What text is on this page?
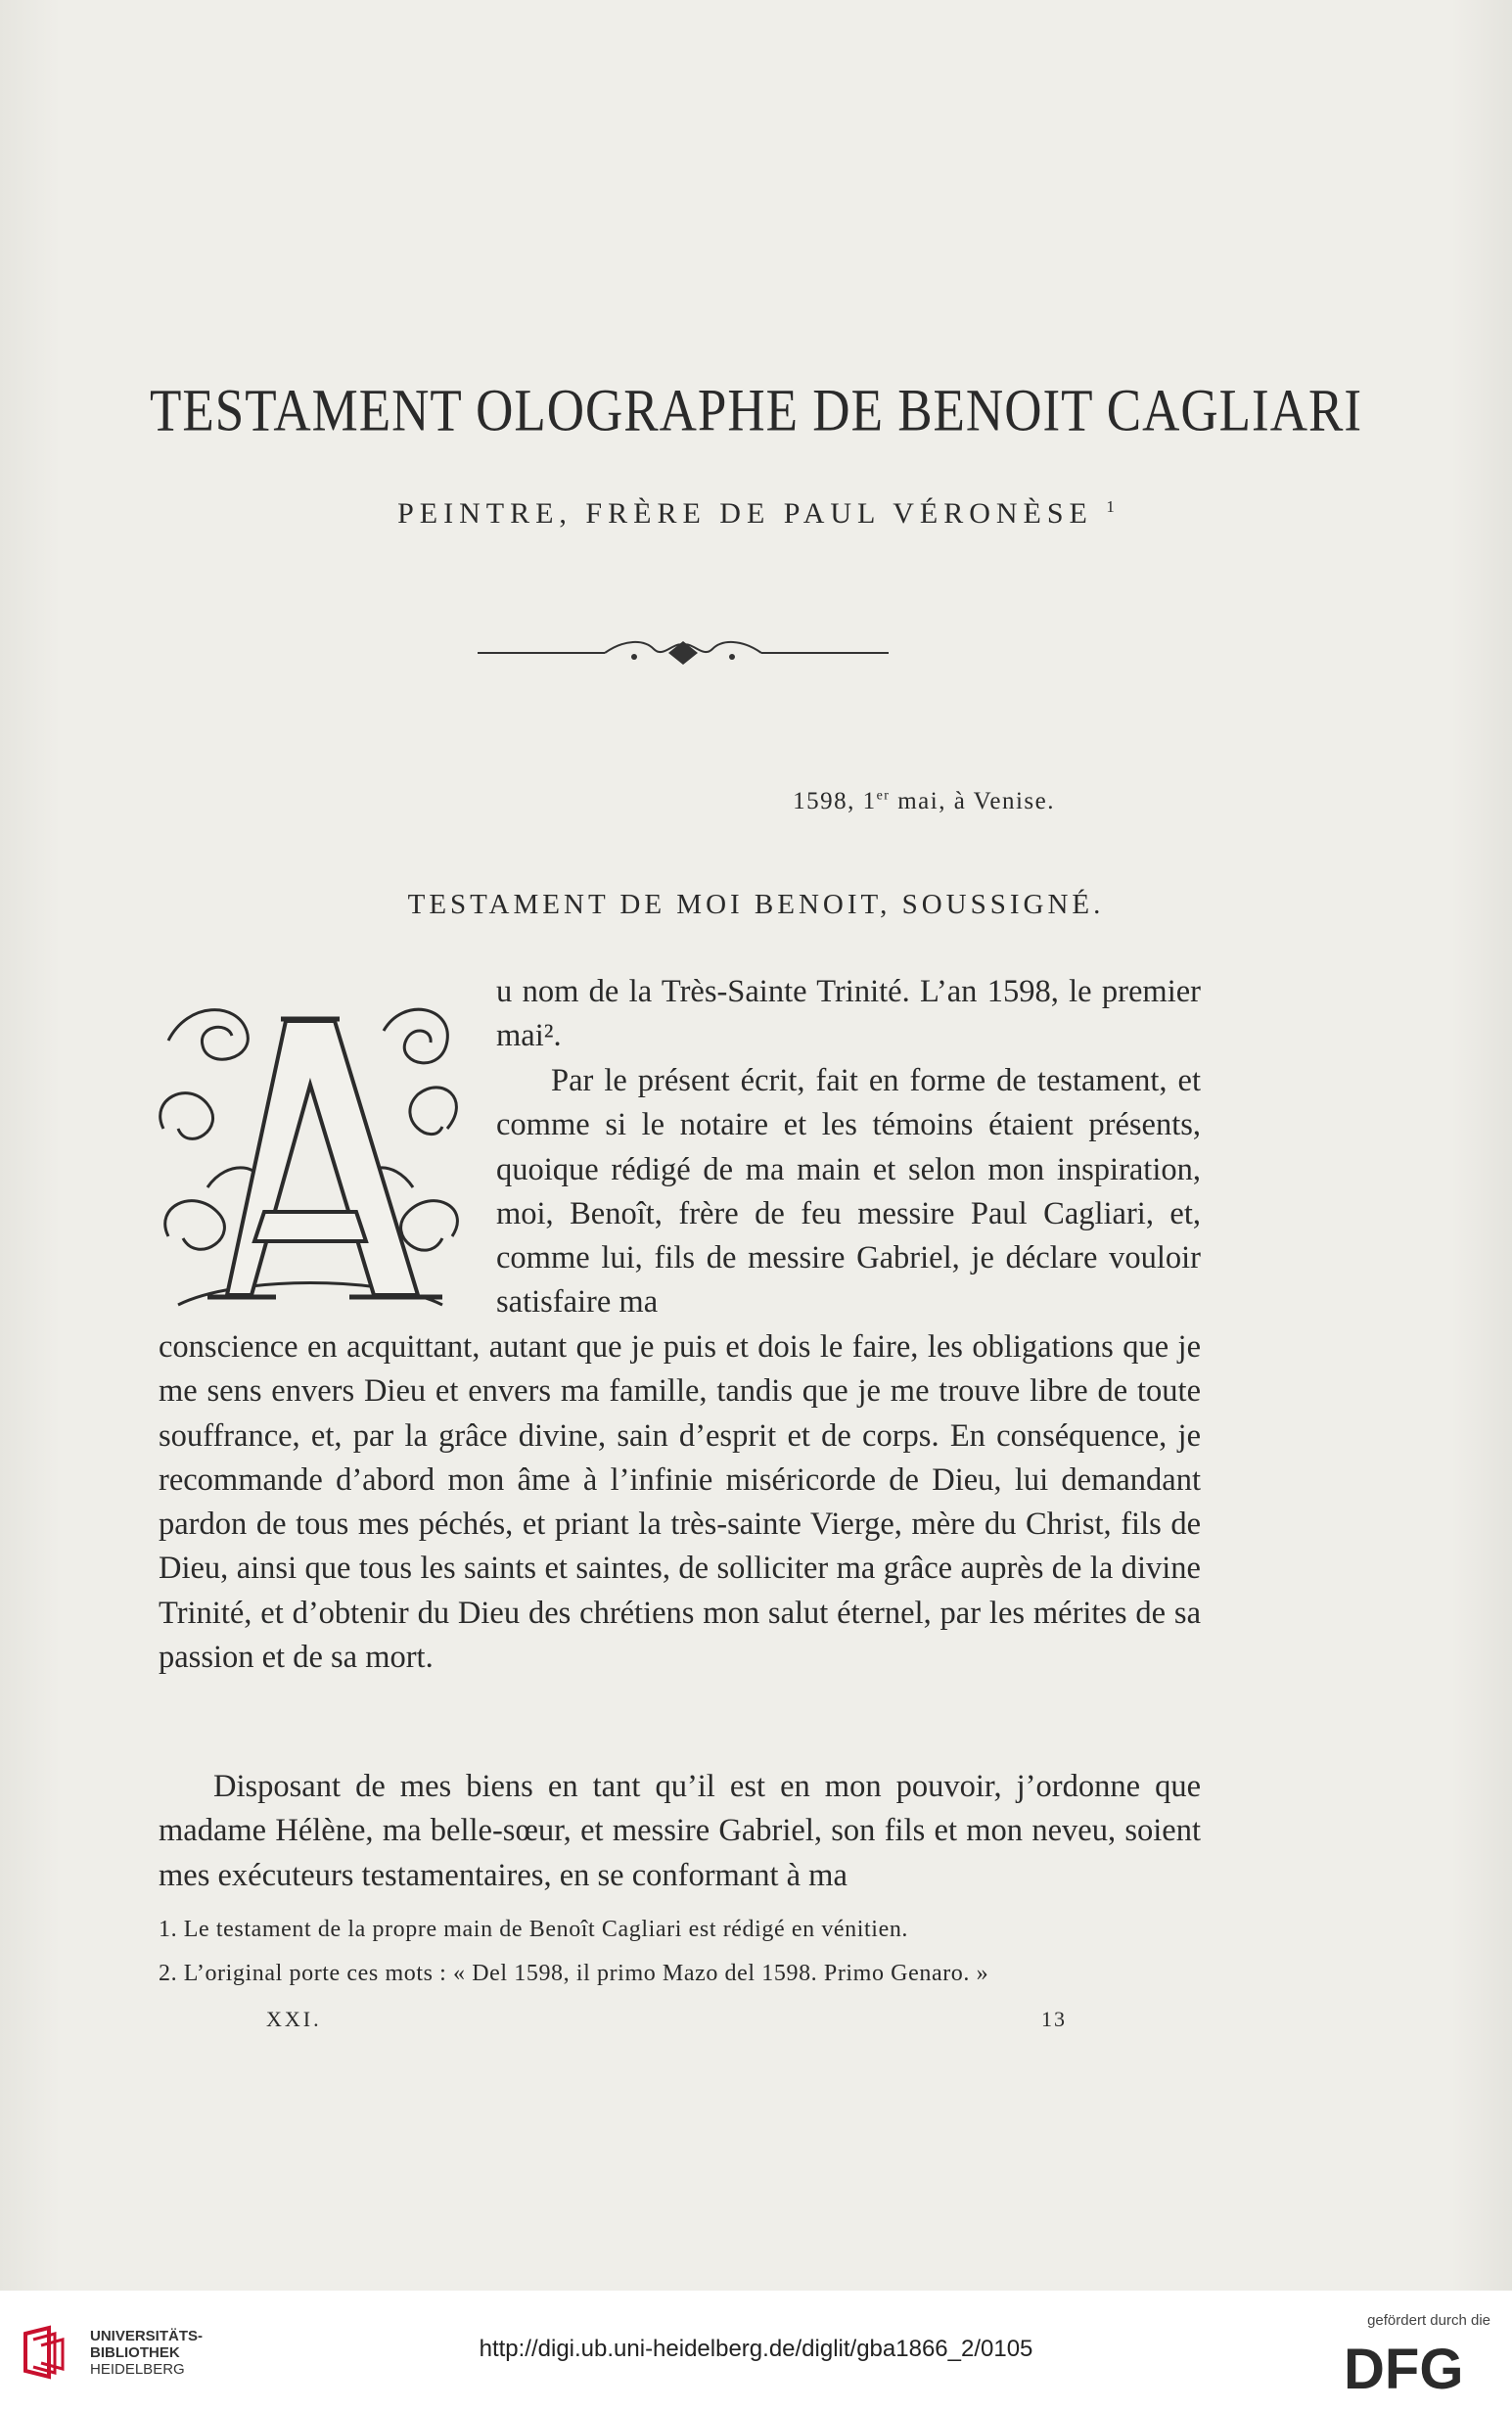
TESTAMENT OLOGRAPHE DE BENOIT CAGLIARI
PEINTRE, FRÈRE DE PAUL VÉRONÈSE $^1$
1598, 1er mai, à Venise.
TESTAMENT DE MOI BENOIT, SOUSSIGNÉ.
A
u nom de la Très-Sainte Trinité. L’an 1598, le premier mai².
Par le présent écrit, fait en forme de testament, et comme si le notaire et les témoins étaient présents, quoique rédigé de ma main et selon mon inspiration, moi, Benoît, frère de feu messire Paul Cagliari, et, comme lui, fils de messire Gabriel, je déclare vouloir satisfaire ma
conscience en acquittant, autant que je puis et dois le faire, les obligations que je me sens envers Dieu et envers ma famille, tandis que je me trouve libre de toute souffrance, et, par la grâce divine, sain d’esprit et de corps. En conséquence, je recommande d’abord mon âme à l’infinie miséricorde de Dieu, lui demandant pardon de tous mes péchés, et priant la très-sainte Vierge, mère du Christ, fils de Dieu, ainsi que tous les saints et saintes, de solliciter ma grâce auprès de la divine Trinité, et d’obtenir du Dieu des chrétiens mon salut éternel, par les mérites de sa passion et de sa mort.
Disposant de mes biens en tant qu’il est en mon pouvoir, j’ordonne que madame Hélène, ma belle-sœur, et messire Gabriel, son fils et mon neveu, soient mes exécuteurs testamentaires, en se conformant à ma
1. Le testament de la propre main de Benoît Cagliari est rédigé en vénitien.
2. L’original porte ces mots : « Del 1598, il primo Mazo del 1598. Primo Genaro. »
XXI.	13
UNIVERSITÄTS-
BIBLIOTHEK
HEIDELBERG
http://digi.ub.uni-heidelberg.de/diglit/gba1866_2/0105
gefördert durch die
DFG
